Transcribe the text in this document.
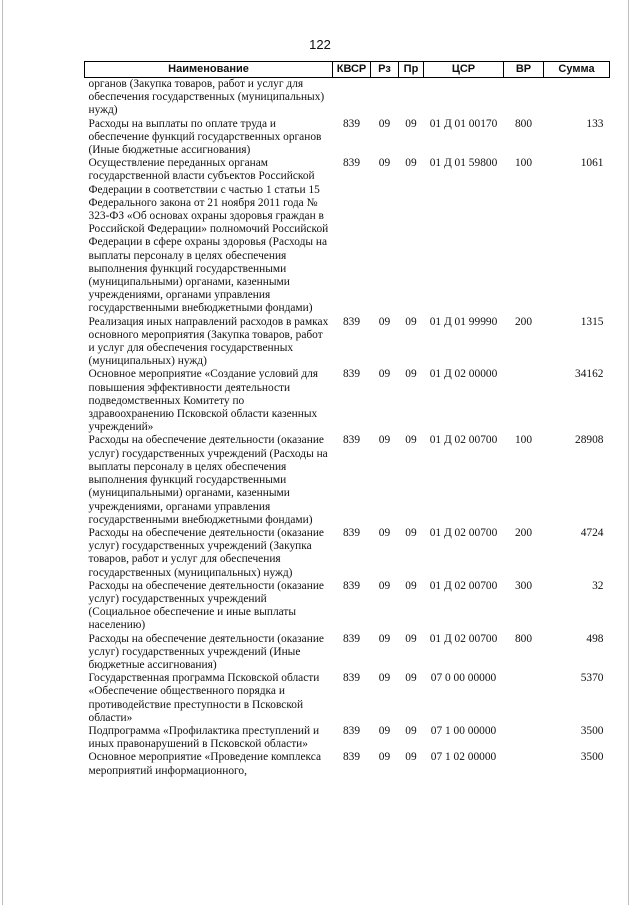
122
Наименование	КВСР	Рз	Пр	ЦСР	ВР	Сумма
органов (Закупка товаров, работ и услуг для обеспечения государственных (муниципальных) нужд)						
Расходы на выплаты по оплате труда и обеспечение функций государственных органов (Иные бюджетные ассигнования)	839	09	09	01 Д 01 00170	800	133
Осуществление переданных органам государственной власти субъектов Российской Федерации в соответствии с частью 1 статьи 15 Федерального закона от 21 ноября 2011 года № 323-ФЗ «Об основах охраны здоровья граждан в Российской Федерации» полномочий Российской Федерации в сфере охраны здоровья (Расходы на выплаты персоналу в целях обеспечения выполнения функций государственными (муниципальными) органами, казенными учреждениями, органами управления государственными внебюджетными фондами)	839	09	09	01 Д 01 59800	100	1061
Реализация иных направлений расходов в рамках основного мероприятия (Закупка товаров, работ и услуг для обеспечения государственных (муниципальных) нужд)	839	09	09	01 Д 01 99990	200	1315
Основное мероприятие «Создание условий для повышения эффективности деятельности подведомственных Комитету по здравоохранению Псковской области казенных учреждений»	839	09	09	01 Д 02 00000		34162
Расходы на обеспечение деятельности (оказание услуг) государственных учреждений (Расходы на выплаты персоналу в целях обеспечения выполнения функций государственными (муниципальными) органами, казенными учреждениями, органами управления государственными внебюджетными фондами)	839	09	09	01 Д 02 00700	100	28908
Расходы на обеспечение деятельности (оказание услуг) государственных учреждений (Закупка товаров, работ и услуг для обеспечения государственных (муниципальных) нужд)	839	09	09	01 Д 02 00700	200	4724
Расходы на обеспечение деятельности (оказание услуг) государственных учреждений (Социальное обеспечение и иные выплаты населению)	839	09	09	01 Д 02 00700	300	32
Расходы на обеспечение деятельности (оказание услуг) государственных учреждений (Иные бюджетные ассигнования)	839	09	09	01 Д 02 00700	800	498
Государственная программа Псковской области «Обеспечение общественного порядка и противодействие преступности в Псковской области»	839	09	09	07 0 00 00000		5370
Подпрограмма «Профилактика преступлений и иных правонарушений в Псковской области»	839	09	09	07 1 00 00000		3500
Основное мероприятие «Проведение комплекса мероприятий информационного,	839	09	09	07 1 02 00000		3500
